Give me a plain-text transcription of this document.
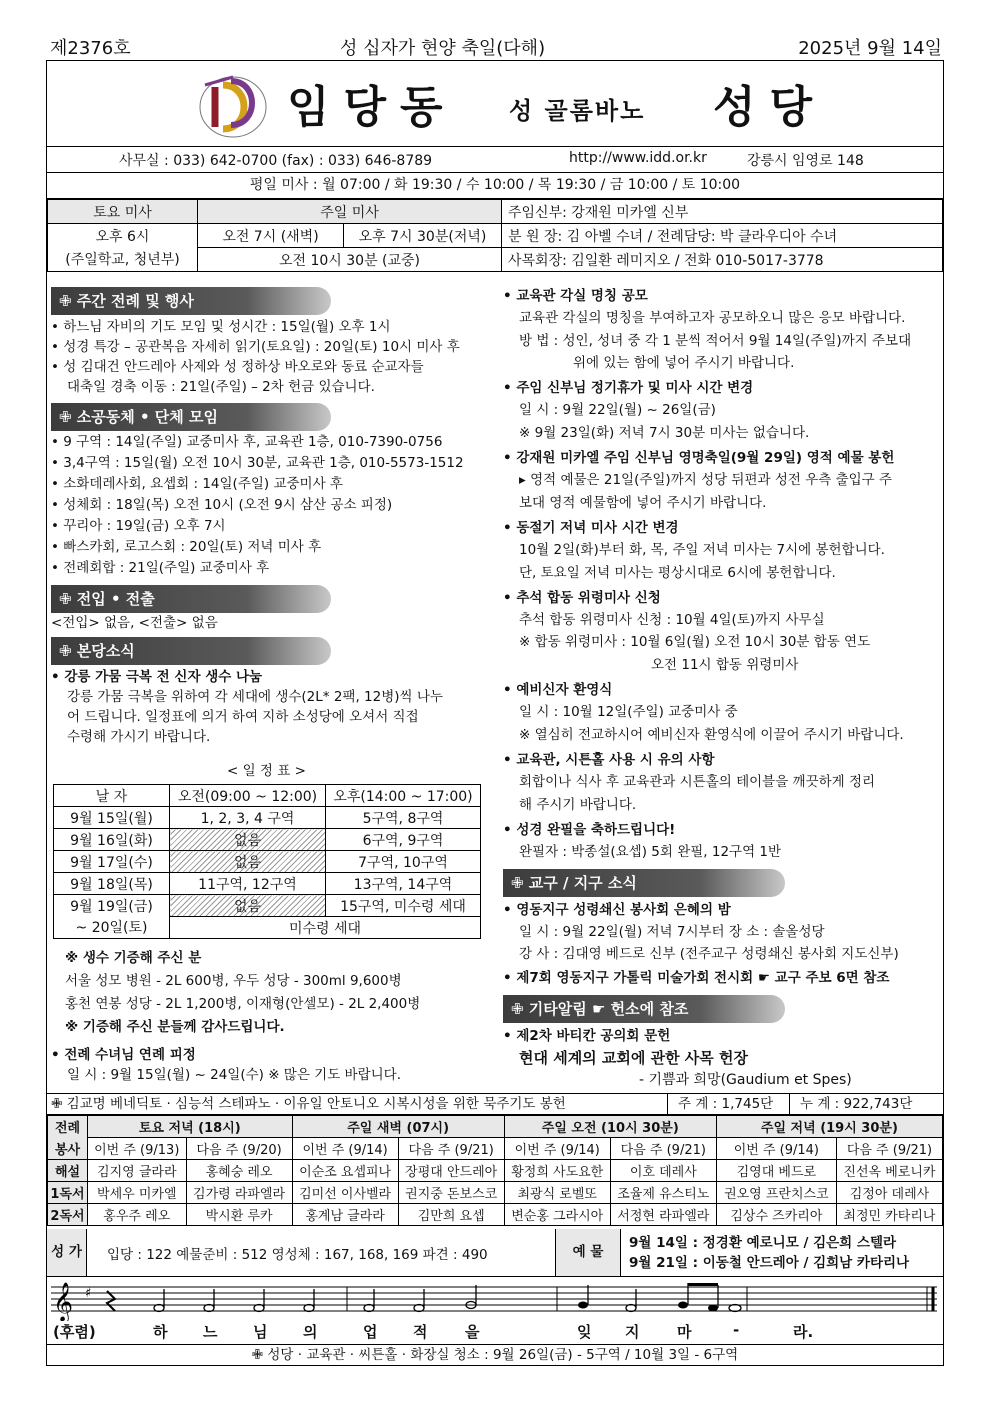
제2376호	성 십자가 현양 축일(다해)	2025년 9월 14일
임당동 성 골롬바노 성당
사무실 : 033) 642-0700 (fax) : 033) 646-8789	http://www.idd.or.kr	강릉시 임영로 148
평일 미사 : 월 07:00 / 화 19:30 / 수 10:00 / 목 19:30 / 금 10:00 / 토 10:00
토요 미사	주일 미사		주임신부: 강재원 미카엘 신부
오후 6시	오전 7시 (새벽)	오후 7시 30분(저녁)	분 원 장: 김 아벨 수녀 / 전례담당: 박 클라우디아 수녀
(주일학교, 청년부)	오전 10시 30분 (교중)		사목회장: 김일환 레미지오 / 전화 010-5017-3778
✙ 주간 전례 및 행사
• 하느님 자비의 기도 모임 및 성시간 : 15일(월) 오후 1시
• 성경 특강 – 공관복음 자세히 읽기(토요일) : 20일(토) 10시 미사 후
• 성 김대건 안드레아 사제와 성 정하상 바오로와 동료 순교자들
대축일 경축 이동 : 21일(주일) – 2차 헌금 있습니다.
✙ 소공동체 • 단체 모임
• 9 구역 : 14일(주일) 교중미사 후, 교육관 1층, 010-7390-0756
• 3,4구역 : 15일(월) 오전 10시 30분, 교육관 1층, 010-5573-1512
• 소화데레사회, 요셉회 : 14일(주일) 교중미사 후
• 성체회 : 18일(목) 오전 10시 (오전 9시 삼산 공소 피정)
• 꾸리아 : 19일(금) 오후 7시
• 빠스카회, 로고스회 : 20일(토) 저녁 미사 후
• 전례회합 : 21일(주일) 교중미사 후
✙ 전입 • 전출
<전입> 없음, <전출> 없음
✙ 본당소식
• 강릉 가뭄 극복 전 신자 생수 나눔
강릉 가뭄 극복을 위하여 각 세대에 생수(2L* 2팩, 12병)씩 나누
어 드립니다. 일정표에 의거 하여 지하 소성당에 오셔서 직접
수령해 가시기 바랍니다.
< 일 정 표 >
날 자	오전(09:00 ~ 12:00)	오후(14:00 ~ 17:00)
9월 15일(월)	1, 2, 3, 4 구역	5구역, 8구역
9월 16일(화)	없음	6구역, 9구역
9월 17일(수)	없음	7구역, 10구역
9월 18일(목)	11구역, 12구역	13구역, 14구역
9월 19일(금)	없음	15구역, 미수령 세대
~ 20일(토)	미수령 세대	
※ 생수 기증해 주신 분
서울 성모 병원 - 2L 600병, 우두 성당 - 300ml 9,600병
홍천 연봉 성당 - 2L 1,200병, 이재형(안셀모) - 2L 2,400병
※ 기증해 주신 분들께 감사드립니다.
• 전례 수녀님 연례 피정
일 시 : 9월 15일(월) ~ 24일(수) ※ 많은 기도 바랍니다.
• 교육관 각실 명칭 공모
교육관 각실의 명칭을 부여하고자 공모하오니 많은 응모 바랍니다.
방 법 : 성인, 성녀 중 각 1 분씩 적어서 9월 14일(주일)까지 주보대
위에 있는 함에 넣어 주시기 바랍니다.
• 주임 신부님 정기휴가 및 미사 시간 변경
일 시 : 9월 22일(월) ~ 26일(금)
※ 9월 23일(화) 저녁 7시 30분 미사는 없습니다.
• 강재원 미카엘 주임 신부님 영명축일(9월 29일) 영적 예물 봉헌
▸ 영적 예물은 21일(주일)까지 성당 뒤편과 성전 우측 출입구 주
보대 영적 예물함에 넣어 주시기 바랍니다.
• 동절기 저녁 미사 시간 변경
10월 2일(화)부터 화, 목, 주일 저녁 미사는 7시에 봉헌합니다.
단, 토요일 저녁 미사는 평상시대로 6시에 봉헌합니다.
• 추석 합동 위령미사 신청
추석 합동 위령미사 신청 : 10월 4일(토)까지 사무실
※ 합동 위령미사 : 10월 6일(월) 오전 10시 30분 합동 연도
오전 11시 합동 위령미사
• 예비신자 환영식
일 시 : 10월 12일(주일) 교중미사 중
※ 열심히 전교하시어 예비신자 환영식에 이끌어 주시기 바랍니다.
• 교육관, 시튼홀 사용 시 유의 사항
회합이나 식사 후 교육관과 시튼홀의 테이블을 깨끗하게 정리
해 주시기 바랍니다.
• 성경 완필을 축하드립니다!
완필자 : 박종설(요셉) 5회 완필, 12구역 1반
✙ 교구 / 지구 소식
• 영동지구 성령쇄신 봉사회 은혜의 밤
일 시 : 9월 22일(월) 저녁 7시부터 장 소 : 솔올성당
강 사 : 김대영 베드로 신부 (전주교구 성령쇄신 봉사회 지도신부)
• 제7회 영동지구 가톨릭 미술가회 전시회 ☛ 교구 주보 6면 참조
✙ 기타알림 ☛ 헌소에 참조
• 제2차 바티칸 공의회 문헌
현대 세계의 교회에 관한 사목 헌장
- 기쁨과 희망(Gaudium et Spes)
✙ 김교명 베네딕토 · 심능석 스테파노 · 이유일 안토니오 시복시성을 위한 묵주기도 봉헌	주 계 : 1,745단	누 계 : 922,743단
전례	토요 저녁 (18시)		주일 새벽 (07시)		주일 오전 (10시 30분)		주일 저녁 (19시 30분)	
봉사	이번 주 (9/13)	다음 주 (9/20)	이번 주 (9/14)	다음 주 (9/21)	이번 주 (9/14)	다음 주 (9/21)	이번 주 (9/14)	다음 주 (9/21)
해설	김지영 글라라	홍혜숭 레오	이순조 요셉피나	장평대 안드레아	황정희 사도요한	이호 데레사	김영대 베드로	진선옥 베로니카
1독서	박세우 미카엘	김가령 라파엘라	김미선 이사벨라	권지중 돈보스코	최광식 로벨또	조율제 유스티노	권오영 프란치스코	김정아 데레사
2독서	홍우주 레오	박시환 루카	홍계남 글라라	김만희 요셉	변순홍 그라시아	서정현 라파엘라	김상수 즈카리아	최정민 카타리나
성 가	입당 : 122 예물준비 : 512 영성체 : 167, 168, 169 파견 : 490	예 물
9월 14일 : 정경환 예로니모 / 김은희 스텔라
9월 21일 : 이동철 안드레아 / 김희남 카타리나
𝄞 ♯
(후렴)	하 느 님 의	업 적	을	잊 지	마	-	라.
✙ 성당 · 교육관 · 씨튼홀 · 화장실 청소 : 9월 26일(금) - 5구역 / 10월 3일 - 6구역
